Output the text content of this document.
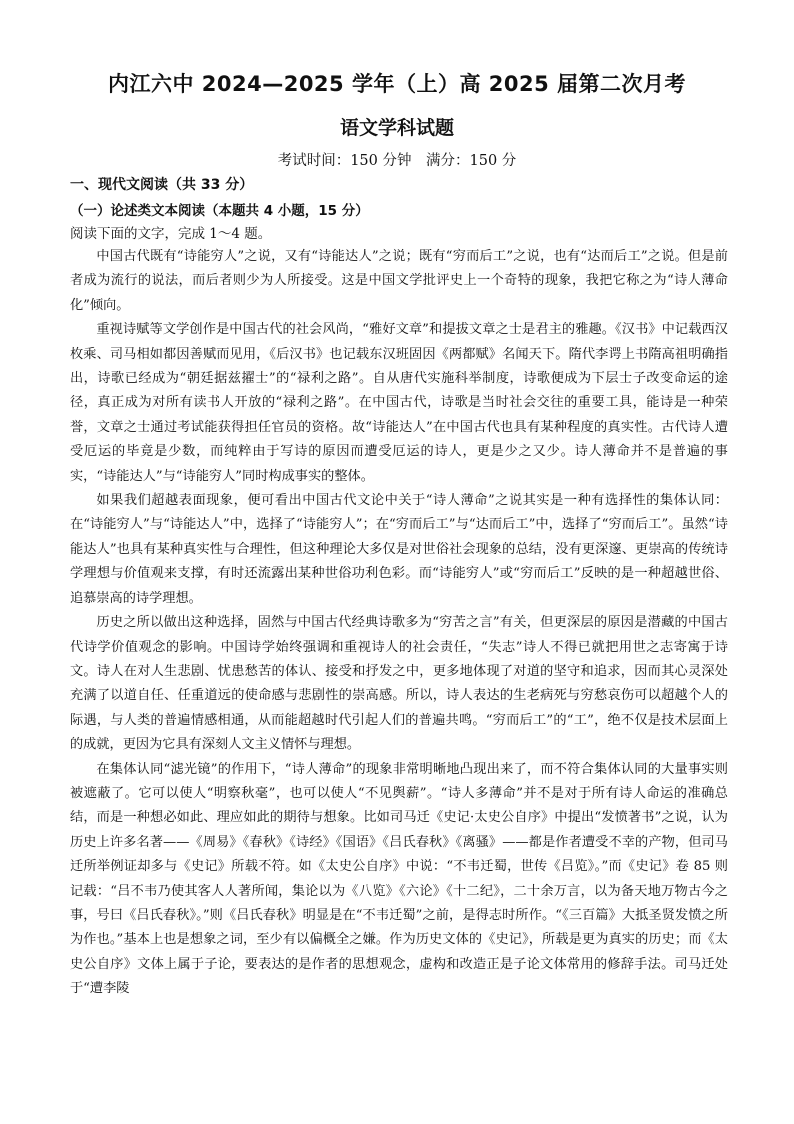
内江六中 2024—2025 学年（上）高 2025 届第二次月考
语文学科试题
考试时间：150 分钟　满分：150 分
一、现代文阅读（共 33 分）
（一）论述类文本阅读（本题共 4 小题，15 分）
阅读下面的文字，完成 1～4 题。

中国古代既有“诗能穷人”之说，又有“诗能达人”之说；既有“穷而后工”之说，也有“达而后工”之说。但是前者成为流行的说法，而后者则少为人所接受。这是中国文学批评史上一个奇特的现象，我把它称之为“诗人薄命化”倾向。

重视诗赋等文学创作是中国古代的社会风尚，“雅好文章”和提拔文章之士是君主的雅趣。《汉书》中记载西汉枚乘、司马相如都因善赋而见用，《后汉书》也记载东汉班固因《两都赋》名闻天下。隋代李谔上书隋高祖明确指出，诗歌已经成为“朝廷据兹擢士”的“禄利之路”。自从唐代实施科举制度，诗歌便成为下层士子改变命运的途径，真正成为对所有读书人开放的“禄利之路”。在中国古代，诗歌是当时社会交往的重要工具，能诗是一种荣誉，文章之士通过考试能获得担任官员的资格。故“诗能达人”在中国古代也具有某种程度的真实性。古代诗人遭受厄运的毕竟是少数，而纯粹由于写诗的原因而遭受厄运的诗人，更是少之又少。诗人薄命并不是普遍的事实，“诗能达人”与“诗能穷人”同时构成事实的整体。

如果我们超越表面现象，便可看出中国古代文论中关于“诗人薄命”之说其实是一种有选择性的集体认同：在“诗能穷人”与“诗能达人”中，选择了“诗能穷人”；在“穷而后工”与“达而后工”中，选择了“穷而后工”。虽然“诗能达人”也具有某种真实性与合理性，但这种理论大多仅是对世俗社会现象的总结，没有更深邃、更崇高的传统诗学理想与价值观来支撑，有时还流露出某种世俗功利色彩。而“诗能穷人”或“穷而后工”反映的是一种超越世俗、追慕崇高的诗学理想。

历史之所以做出这种选择，固然与中国古代经典诗歌多为“穷苦之言”有关，但更深层的原因是潜藏的中国古代诗学价值观念的影响。中国诗学始终强调和重视诗人的社会责任，“失志”诗人不得已就把用世之志寄寓于诗文。诗人在对人生悲剧、忧患愁苦的体认、接受和抒发之中，更多地体现了对道的坚守和追求，因而其心灵深处充满了以道自任、任重道远的使命感与悲剧性的崇高感。所以，诗人表达的生老病死与穷愁哀伤可以超越个人的际遇，与人类的普遍情感相通，从而能超越时代引起人们的普遍共鸣。“穷而后工”的“工”，绝不仅是技术层面上的成就，更因为它具有深刻人文主义情怀与理想。

在集体认同“滤光镜”的作用下，“诗人薄命”的现象非常明晰地凸现出来了，而不符合集体认同的大量事实则被遮蔽了。它可以使人“明察秋毫”，也可以使人“不见舆薪”。“诗人多薄命”并不是对于所有诗人命运的准确总结，而是一种想必如此、理应如此的期待与想象。比如司马迁《史记·太史公自序》中提出“发愤著书”之说，认为历史上许多名著——《周易》《春秋》《诗经》《国语》《吕氏春秋》《离骚》——都是作者遭受不幸的产物，但司马迁所举例证却多与《史记》所载不符。如《太史公自序》中说：“不韦迁蜀，世传《吕览》。”而《史记》卷 85 则记载：“吕不韦乃使其客人人著所闻，集论以为《八览》《六论》《十二纪》，二十余万言，以为备天地万物古今之事，号曰《吕氏春秋》。”则《吕氏春秋》明显是在“不韦迁蜀”之前，是得志时所作。“《三百篇》大抵圣贤发愤之所为作也。”基本上也是想象之词，至少有以偏概全之嫌。作为历史文体的《史记》，所载是更为真实的历史；而《太史公自序》文体上属于子论，要表达的是作者的思想观念，虚构和改造正是子论文体常用的修辞手法。司马迁处于“遭李陵
